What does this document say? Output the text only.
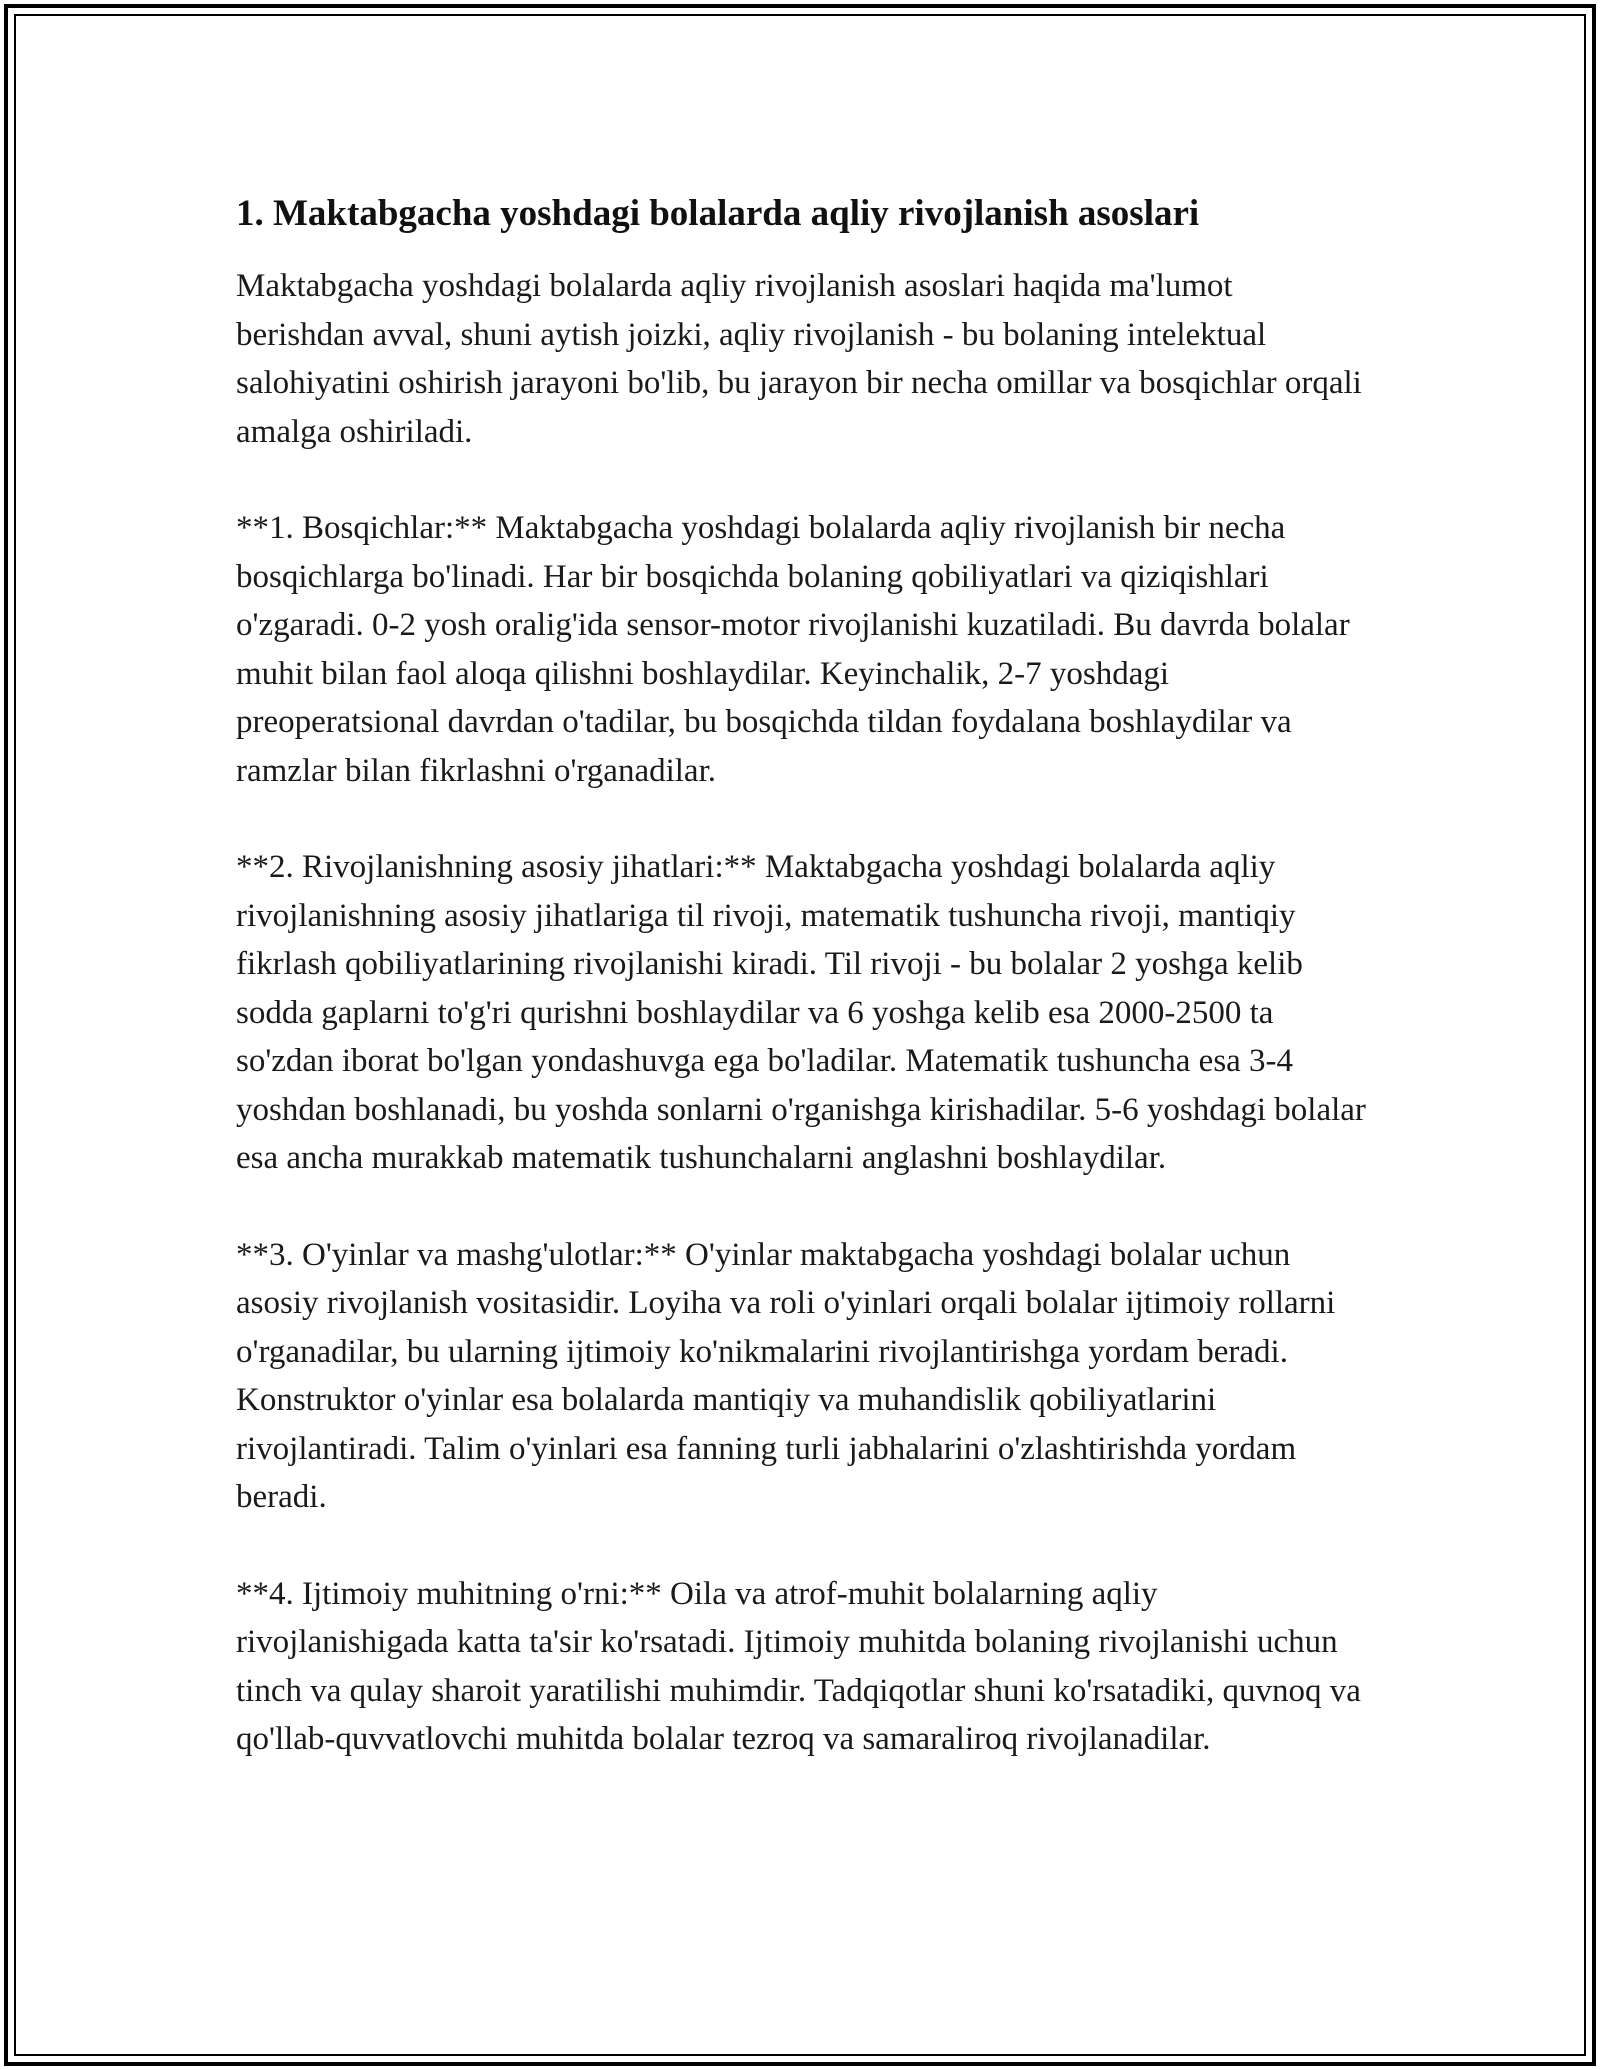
1. Maktabgacha yoshdagi bolalarda aqliy rivojlanish asoslari

Maktabgacha yoshdagi bolalarda aqliy rivojlanish asoslari haqida ma'lumot berishdan avval, shuni aytish joizki, aqliy rivojlanish - bu bolaning intelektual salohiyatini oshirish jarayoni bo'lib, bu jarayon bir necha omillar va bosqichlar orqali amalga oshiriladi.

**1. Bosqichlar:** Maktabgacha yoshdagi bolalarda aqliy rivojlanish bir necha bosqichlarga bo'linadi. Har bir bosqichda bolaning qobiliyatlari va qiziqishlari o'zgaradi. 0-2 yosh oralig'ida sensor-motor rivojlanishi kuzatiladi. Bu davrda bolalar muhit bilan faol aloqa qilishni boshlaydilar. Keyinchalik, 2-7 yoshdagi preoperatsional davrdan o'tadilar, bu bosqichda tildan foydalana boshlaydilar va ramzlar bilan fikrlashni o'rganadilar.

**2. Rivojlanishning asosiy jihatlari:** Maktabgacha yoshdagi bolalarda aqliy rivojlanishning asosiy jihatlariga til rivoji, matematik tushuncha rivoji, mantiqiy fikrlash qobiliyatlarining rivojlanishi kiradi. Til rivoji - bu bolalar 2 yoshga kelib sodda gaplarni to'g'ri qurishni boshlaydilar va 6 yoshga kelib esa 2000-2500 ta so'zdan iborat bo'lgan yondashuvga ega bo'ladilar. Matematik tushuncha esa 3-4 yoshdan boshlanadi, bu yoshda sonlarni o'rganishga kirishadilar. 5-6 yoshdagi bolalar esa ancha murakkab matematik tushunchalarni anglashni boshlaydilar.

**3. O'yinlar va mashg'ulotlar:** O'yinlar maktabgacha yoshdagi bolalar uchun asosiy rivojlanish vositasidir. Loyiha va roli o'yinlari orqali bolalar ijtimoiy rollarni o'rganadilar, bu ularning ijtimoiy ko'nikmalarini rivojlantirishga yordam beradi. Konstruktor o'yinlar esa bolalarda mantiqiy va muhandislik qobiliyatlarini rivojlantiradi. Talim o'yinlari esa fanning turli jabhalarini o'zlashtirishda yordam beradi.

**4. Ijtimoiy muhitning o'rni:** Oila va atrof-muhit bolalarning aqliy rivojlanishigada katta ta'sir ko'rsatadi. Ijtimoiy muhitda bolaning rivojlanishi uchun tinch va qulay sharoit yaratilishi muhimdir. Tadqiqotlar shuni ko'rsatadiki, quvnoq va qo'llab-quvvatlovchi muhitda bolalar tezroq va samaraliroq rivojlanadilar.
